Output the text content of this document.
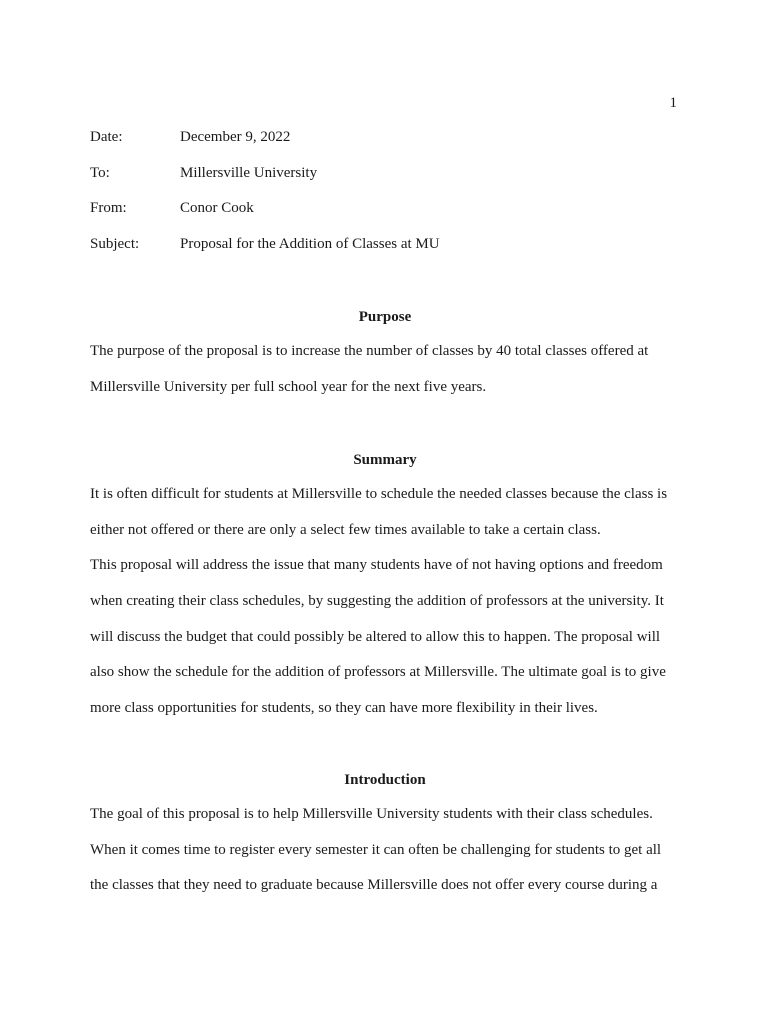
1
Date:	December 9, 2022
To:	Millersville University
From:	Conor Cook
Subject:	Proposal for the Addition of Classes at MU
Purpose

The purpose of the proposal is to increase the number of classes by 40 total classes offered at
Millersville University per full school year for the next five years.

Summary

It is often difficult for students at Millersville to schedule the needed classes because the class is
either not offered or there are only a select few times available to take a certain class.
This proposal will address the issue that many students have of not having options and freedom
when creating their class schedules, by suggesting the addition of professors at the university. It
will discuss the budget that could possibly be altered to allow this to happen. The proposal will
also show the schedule for the addition of professors at Millersville. The ultimate goal is to give
more class opportunities for students, so they can have more flexibility in their lives.

Introduction

The goal of this proposal is to help Millersville University students with their class schedules.
When it comes time to register every semester it can often be challenging for students to get all
the classes that they need to graduate because Millersville does not offer every course during a
